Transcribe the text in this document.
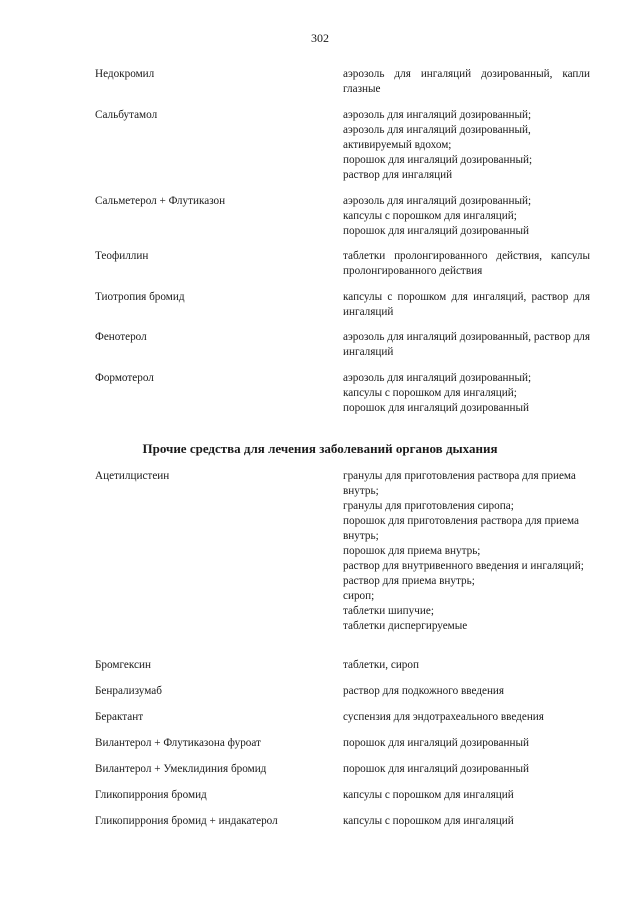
302
Недокромил	аэрозоль для ингаляций дозированный, капли глазные
Сальбутамол	аэрозоль для ингаляций дозированный;
аэрозоль для ингаляций дозированный, активируемый вдохом;
порошок для ингаляций дозированный;
раствор для ингаляций
Сальметерол + Флутиказон	аэрозоль для ингаляций дозированный;
капсулы с порошком для ингаляций;
порошок для ингаляций дозированный
Теофиллин	таблетки пролонгированного действия, капсулы пролонгированного действия
Тиотропия бромид	капсулы с порошком для ингаляций, раствор для ингаляций
Фенотерол	аэрозоль для ингаляций дозированный, раствор для ингаляций
Формотерол	аэрозоль для ингаляций дозированный;
капсулы с порошком для ингаляций;
порошок для ингаляций дозированный
Прочие средства для лечения заболеваний органов дыхания
Ацетилцистеин	гранулы для приготовления раствора для приема внутрь;
гранулы для приготовления сиропа;
порошок для приготовления раствора для приема внутрь;
порошок для приема внутрь;
раствор для внутривенного введения и ингаляций;
раствор для приема внутрь;
сироп;
таблетки шипучие;
таблетки диспергируемые
Бромгексин	таблетки, сироп
Бенрализумаб	раствор для подкожного введения
Берактант	суспензия для эндотрахеального введения
Вилантерол + Флутиказона фуроат	порошок для ингаляций дозированный
Вилантерол + Умеклидиния бромид	порошок для ингаляций дозированный
Гликопиррония бромид	капсулы с порошком для ингаляций
Гликопиррония бромид + индакатерол	капсулы с порошком для ингаляций
